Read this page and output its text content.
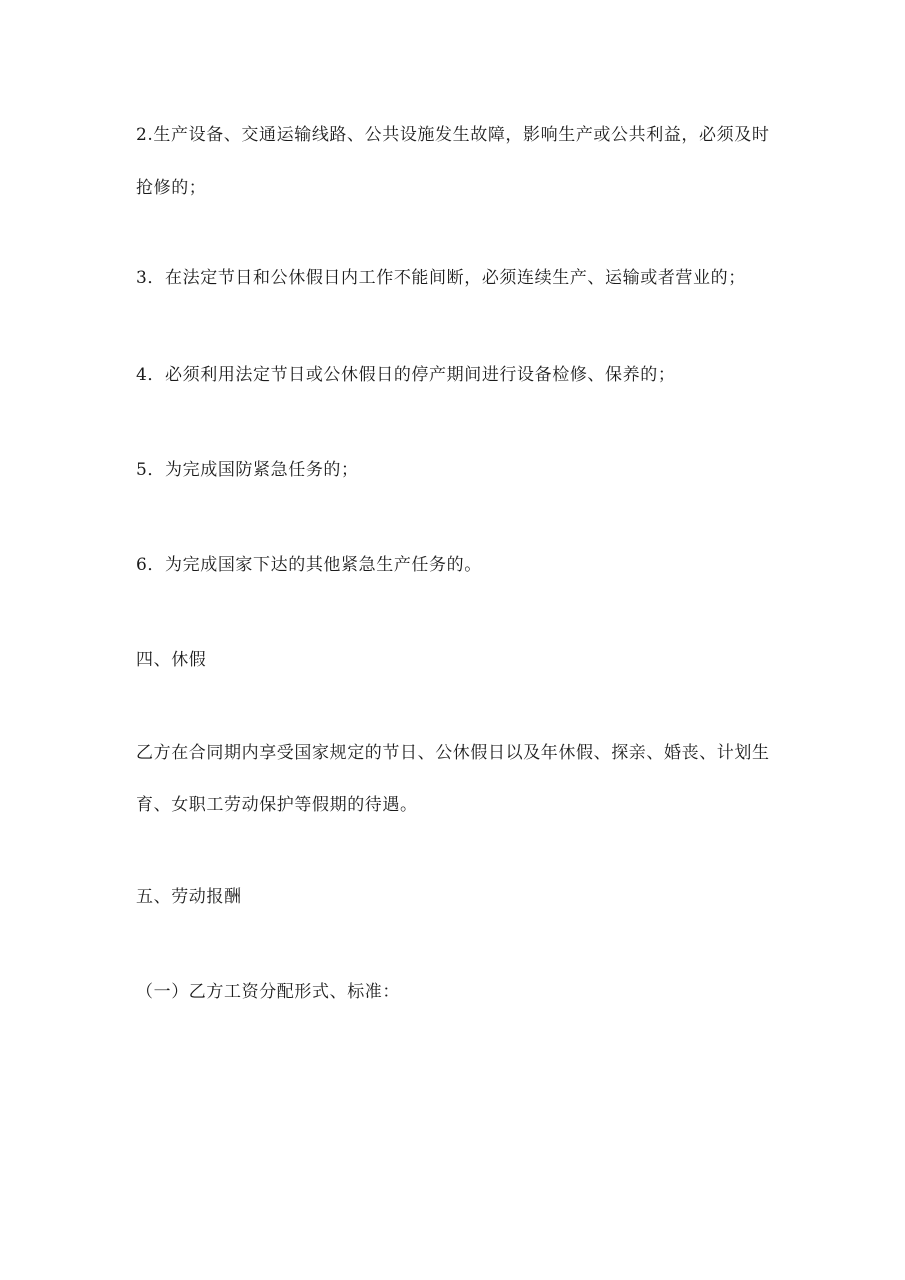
2.生产设备、交通运输线路、公共设施发生故障，影响生产或公共利益，必须及时
抢修的；
3．在法定节日和公休假日内工作不能间断，必须连续生产、运输或者营业的；
4．必须利用法定节日或公休假日的停产期间进行设备检修、保养的；
5．为完成国防紧急任务的；
6．为完成国家下达的其他紧急生产任务的。
四、休假
乙方在合同期内享受国家规定的节日、公休假日以及年休假、探亲、婚丧、计划生
育、女职工劳动保护等假期的待遇。
五、劳动报酬
（一）乙方工资分配形式、标准：
